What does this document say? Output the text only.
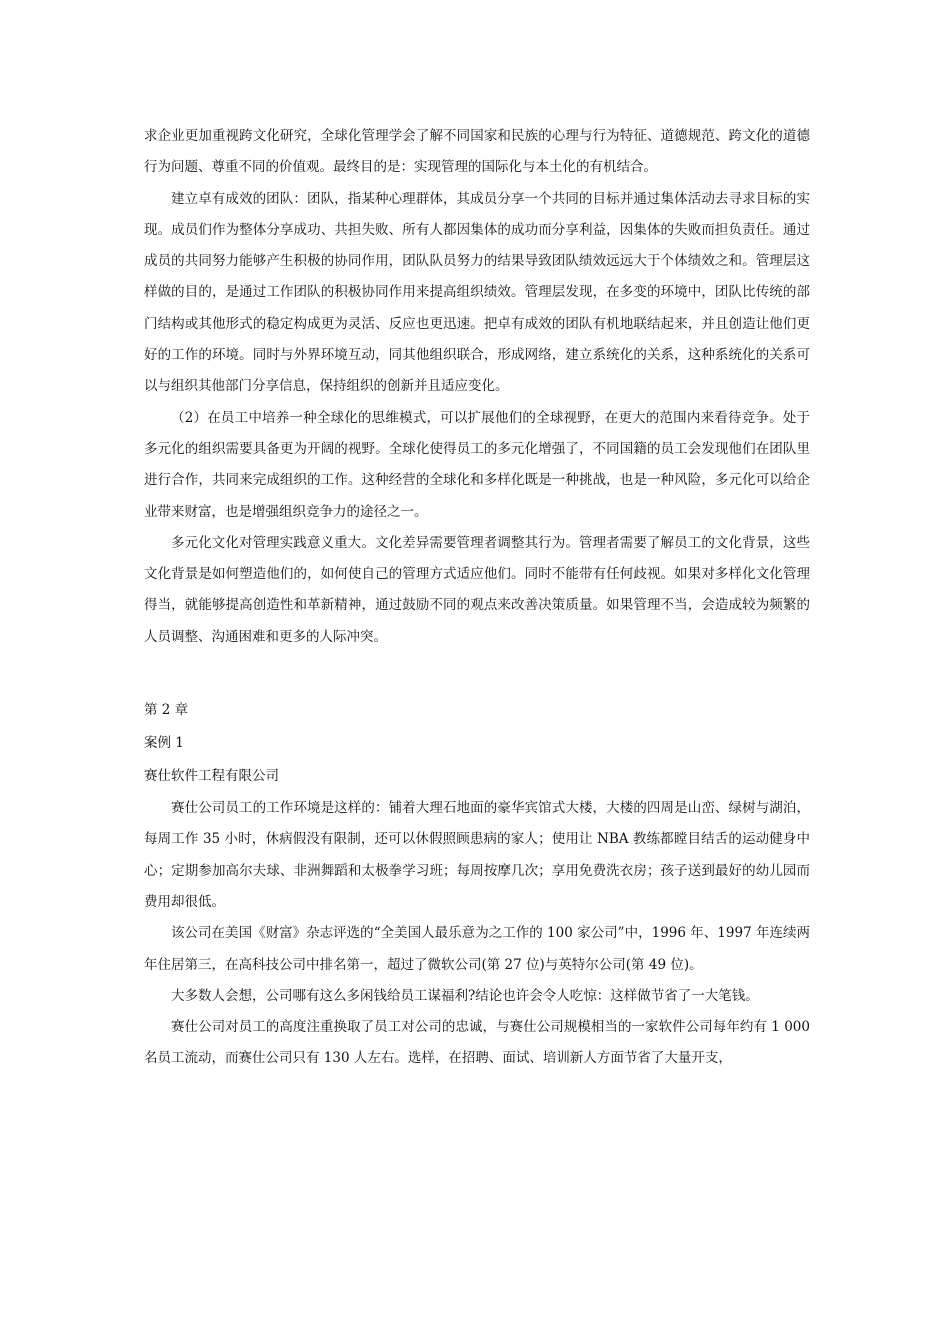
求企业更加重视跨文化研究，全球化管理学会了解不同国家和民族的心理与行为特征、道德规范、跨文化的道德行为问题、尊重不同的价值观。最终目的是：实现管理的国际化与本土化的有机结合。

建立卓有成效的团队：团队，指某种心理群体，其成员分享一个共同的目标并通过集体活动去寻求目标的实现。成员们作为整体分享成功、共担失败、所有人都因集体的成功而分享利益，因集体的失败而担负责任。通过成员的共同努力能够产生积极的协同作用，团队队员努力的结果导致团队绩效远远大于个体绩效之和。管理层这样做的目的，是通过工作团队的积极协同作用来提高组织绩效。管理层发现，在多变的环境中，团队比传统的部门结构或其他形式的稳定构成更为灵活、反应也更迅速。把卓有成效的团队有机地联结起来，并且创造让他们更好的工作的环境。同时与外界环境互动，同其他组织联合，形成网络，建立系统化的关系，这种系统化的关系可以与组织其他部门分享信息，保持组织的创新并且适应变化。

（2）在员工中培养一种全球化的思维模式，可以扩展他们的全球视野，在更大的范围内来看待竞争。处于多元化的组织需要具备更为开阔的视野。全球化使得员工的多元化增强了，不同国籍的员工会发现他们在团队里进行合作，共同来完成组织的工作。这种经营的全球化和多样化既是一种挑战，也是一种风险，多元化可以给企业带来财富，也是增强组织竞争力的途径之一。

多元化文化对管理实践意义重大。文化差异需要管理者调整其行为。管理者需要了解员工的文化背景，这些文化背景是如何塑造他们的，如何使自己的管理方式适应他们。同时不能带有任何歧视。如果对多样化文化管理得当，就能够提高创造性和革新精神，通过鼓励不同的观点来改善决策质量。如果管理不当，会造成较为频繁的人员调整、沟通困难和更多的人际冲突。

第 2 章

案例 1

赛仕软件工程有限公司

赛仕公司员工的工作环境是这样的：铺着大理石地面的豪华宾馆式大楼，大楼的四周是山峦、绿树与湖泊，每周工作 35 小时，休病假没有限制，还可以休假照顾患病的家人；使用让 NBA 教练都瞠目结舌的运动健身中心；定期参加高尔夫球、非洲舞蹈和太极拳学习班；每周按摩几次；享用免费洗衣房；孩子送到最好的幼儿园而费用却很低。

该公司在美国《财富》杂志评选的“全美国人最乐意为之工作的 100 家公司”中，1996 年、1997 年连续两年住居第三，在高科技公司中排名第一，超过了微软公司(第 27 位)与英特尔公司(第 49 位)。

大多数人会想，公司哪有这么多闲钱给员工谋福利?结论也许会令人吃惊：这样做节省了一大笔钱。

赛仕公司对员工的高度注重换取了员工对公司的忠诚，与赛仕公司规模相当的一家软件公司每年约有 1 000 名员工流动，而赛仕公司只有 130 人左右。选样，在招聘、面试、培训新人方面节省了大量开支，
